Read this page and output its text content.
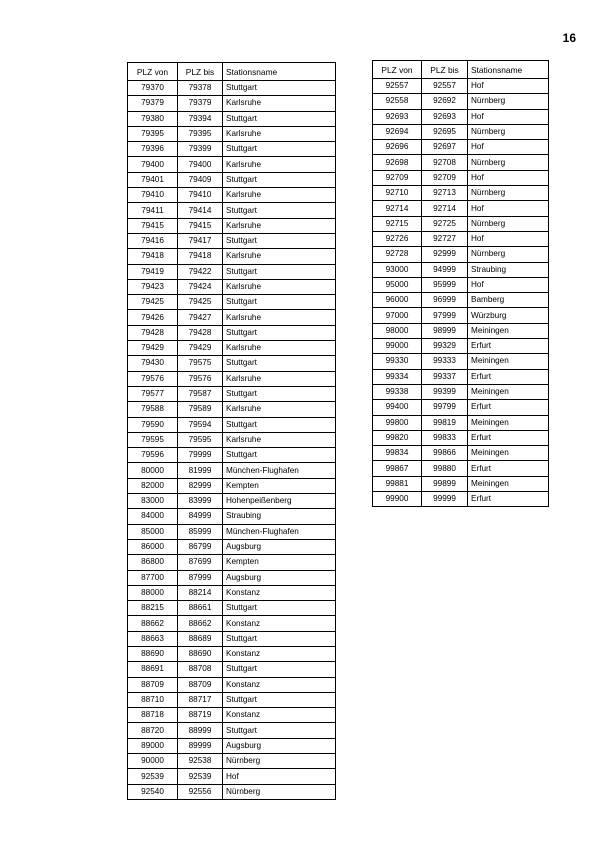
16
PLZ von	PLZ bis	Stationsname
79370	79378	Stuttgart
79379	79379	Karlsruhe
79380	79394	Stuttgart
79395	79395	Karlsruhe
79396	79399	Stuttgart
79400	79400	Karlsruhe
79401	79409	Stuttgart
79410	79410	Karlsruhe
79411	79414	Stuttgart
79415	79415	Karlsruhe
79416	79417	Stuttgart
79418	79418	Karlsruhe
79419	79422	Stuttgart
79423	79424	Karlsruhe
79425	79425	Stuttgart
79426	79427	Karlsruhe
79428	79428	Stuttgart
79429	79429	Karlsruhe
79430	79575	Stuttgart
79576	79576	Karlsruhe
79577	79587	Stuttgart
79588	79589	Karlsruhe
79590	79594	Stuttgart
79595	79595	Karlsruhe
79596	79999	Stuttgart
80000	81999	München-Flughafen
82000	82999	Kempten
83000	83999	Hohenpeißenberg
84000	84999	Straubing
85000	85999	München-Flughafen
86000	86799	Augsburg
86800	87699	Kempten
87700	87999	Augsburg
88000	88214	Konstanz
88215	88661	Stuttgart
88662	88662	Konstanz
88663	88689	Stuttgart
88690	88690	Konstanz
88691	88708	Stuttgart
88709	88709	Konstanz
88710	88717	Stuttgart
88718	88719	Konstanz
88720	88999	Stuttgart
89000	89999	Augsburg
90000	92538	Nürnberg
92539	92539	Hof
92540	92556	Nürnberg
PLZ von	PLZ bis	Stationsname
92557	92557	Hof
92558	92692	Nürnberg
92693	92693	Hof
92694	92695	Nürnberg
92696	92697	Hof
92698	92708	Nürnberg
92709	92709	Hof
92710	92713	Nürnberg
92714	92714	Hof
92715	92725	Nürnberg
92726	92727	Hof
92728	92999	Nürnberg
93000	94999	Straubing
95000	95999	Hof
96000	96999	Bamberg
97000	97999	Würzburg
98000	98999	Meiningen
99000	99329	Erfurt
99330	99333	Meiningen
99334	99337	Erfurt
99338	99399	Meiningen
99400	99799	Erfurt
99800	99819	Meiningen
99820	99833	Erfurt
99834	99866	Meiningen
99867	99880	Erfurt
99881	99899	Meiningen
99900	99999	Erfurt
